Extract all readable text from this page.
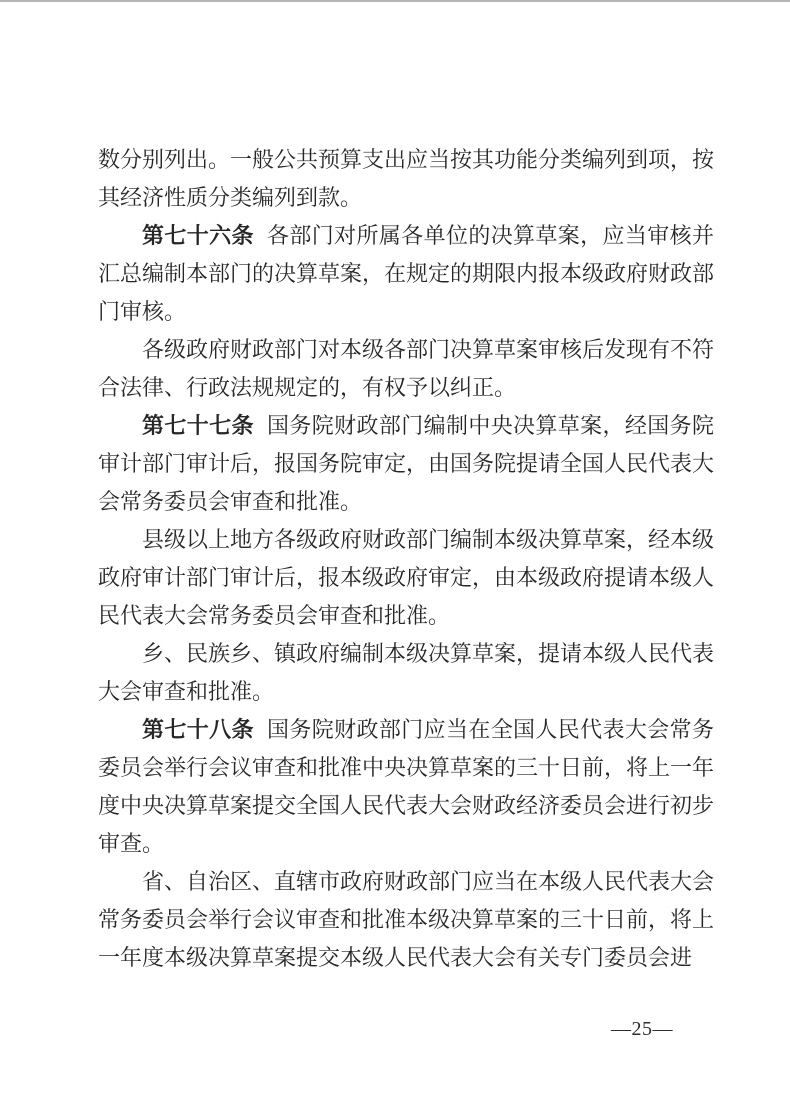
数分别列出。一般公共预算支出应当按其功能分类编列到项，按其经济性质分类编列到款。

第七十六条 各部门对所属各单位的决算草案，应当审核并汇总编制本部门的决算草案，在规定的期限内报本级政府财政部门审核。

各级政府财政部门对本级各部门决算草案审核后发现有不符合法律、行政法规规定的，有权予以纠正。

第七十七条 国务院财政部门编制中央决算草案，经国务院审计部门审计后，报国务院审定，由国务院提请全国人民代表大会常务委员会审查和批准。

县级以上地方各级政府财政部门编制本级决算草案，经本级政府审计部门审计后，报本级政府审定，由本级政府提请本级人民代表大会常务委员会审查和批准。

乡、民族乡、镇政府编制本级决算草案，提请本级人民代表大会审查和批准。

第七十八条 国务院财政部门应当在全国人民代表大会常务委员会举行会议审查和批准中央决算草案的三十日前，将上一年度中央决算草案提交全国人民代表大会财政经济委员会进行初步审查。

省、自治区、直辖市政府财政部门应当在本级人民代表大会常务委员会举行会议审查和批准本级决算草案的三十日前，将上一年度本级决算草案提交本级人民代表大会有关专门委员会进

—25—
